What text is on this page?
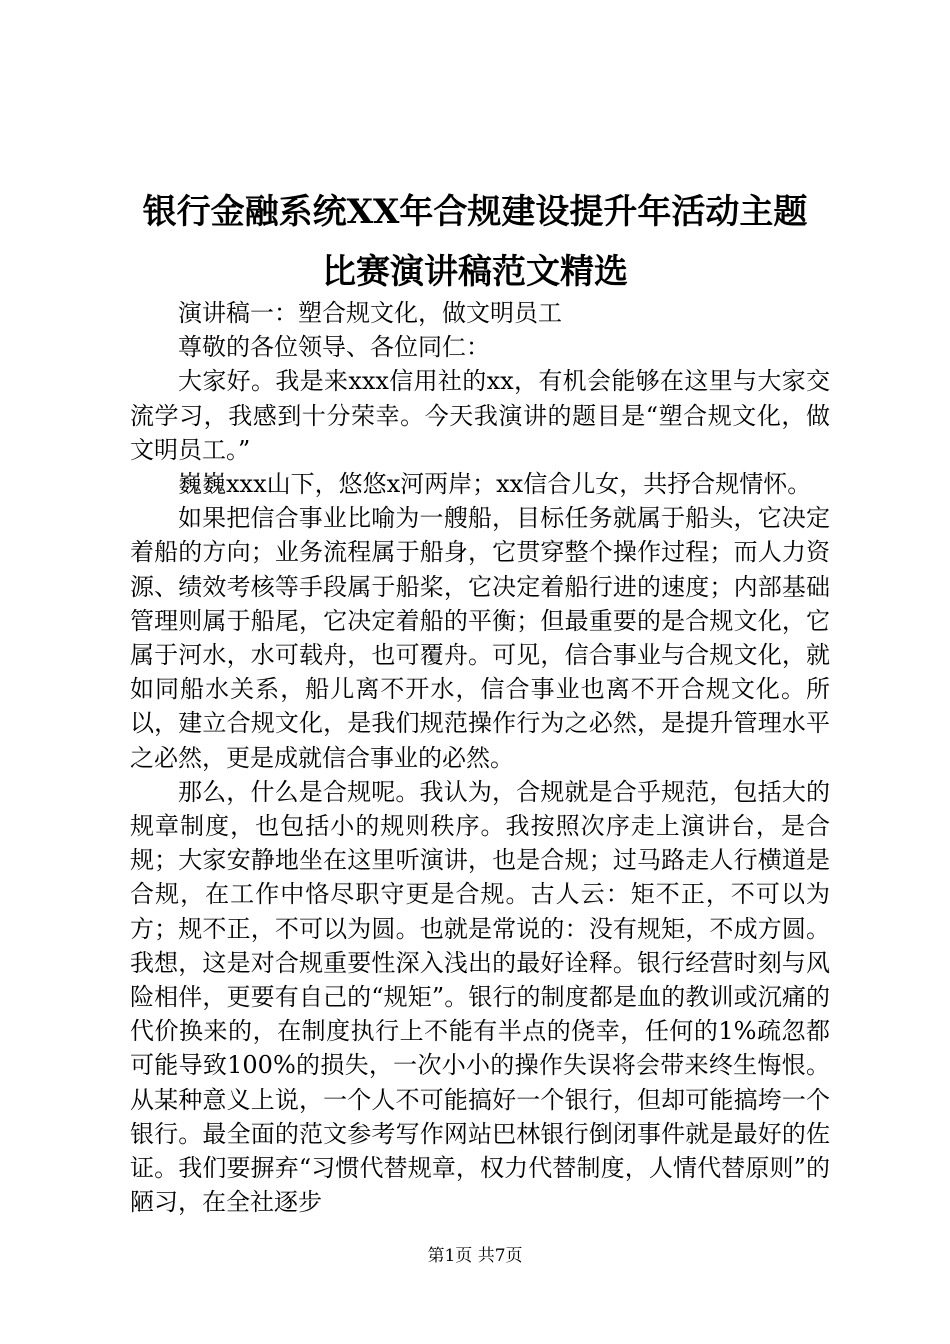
银行金融系统XX年合规建设提升年活动主题
比赛演讲稿范文精选

演讲稿一：塑合规文化，做文明员工

尊敬的各位领导、各位同仁：

大家好。我是来xxx信用社的xx，有机会能够在这里与大家交流学习，我感到十分荣幸。今天我演讲的题目是“塑合规文化，做文明员工。”

巍巍xxx山下，悠悠x河两岸；xx信合儿女，共抒合规情怀。

如果把信合事业比喻为一艘船，目标任务就属于船头，它决定着船的方向；业务流程属于船身，它贯穿整个操作过程；而人力资源、绩效考核等手段属于船桨，它决定着船行进的速度；内部基础管理则属于船尾，它决定着船的平衡；但最重要的是合规文化，它属于河水，水可载舟，也可覆舟。可见，信合事业与合规文化，就如同船水关系，船儿离不开水，信合事业也离不开合规文化。所以，建立合规文化，是我们规范操作行为之必然，是提升管理水平之必然，更是成就信合事业的必然。

那么，什么是合规呢。我认为，合规就是合乎规范，包括大的规章制度，也包括小的规则秩序。我按照次序走上演讲台，是合规；大家安静地坐在这里听演讲，也是合规；过马路走人行横道是合规，在工作中恪尽职守更是合规。古人云：矩不正，不可以为方；规不正，不可以为圆。也就是常说的：没有规矩，不成方圆。我想，这是对合规重要性深入浅出的最好诠释。银行经营时刻与风险相伴，更要有自己的“规矩”。银行的制度都是血的教训或沉痛的代价换来的，在制度执行上不能有半点的侥幸，任何的1%疏忽都可能导致100%的损失，一次小小的操作失误将会带来终生悔恨。从某种意义上说，一个人不可能搞好一个银行，但却可能搞垮一个银行。最全面的范文参考写作网站巴林银行倒闭事件就是最好的佐证。我们要摒弃“习惯代替规章，权力代替制度，人情代替原则”的陋习，在全社逐步

第1页 共7页
